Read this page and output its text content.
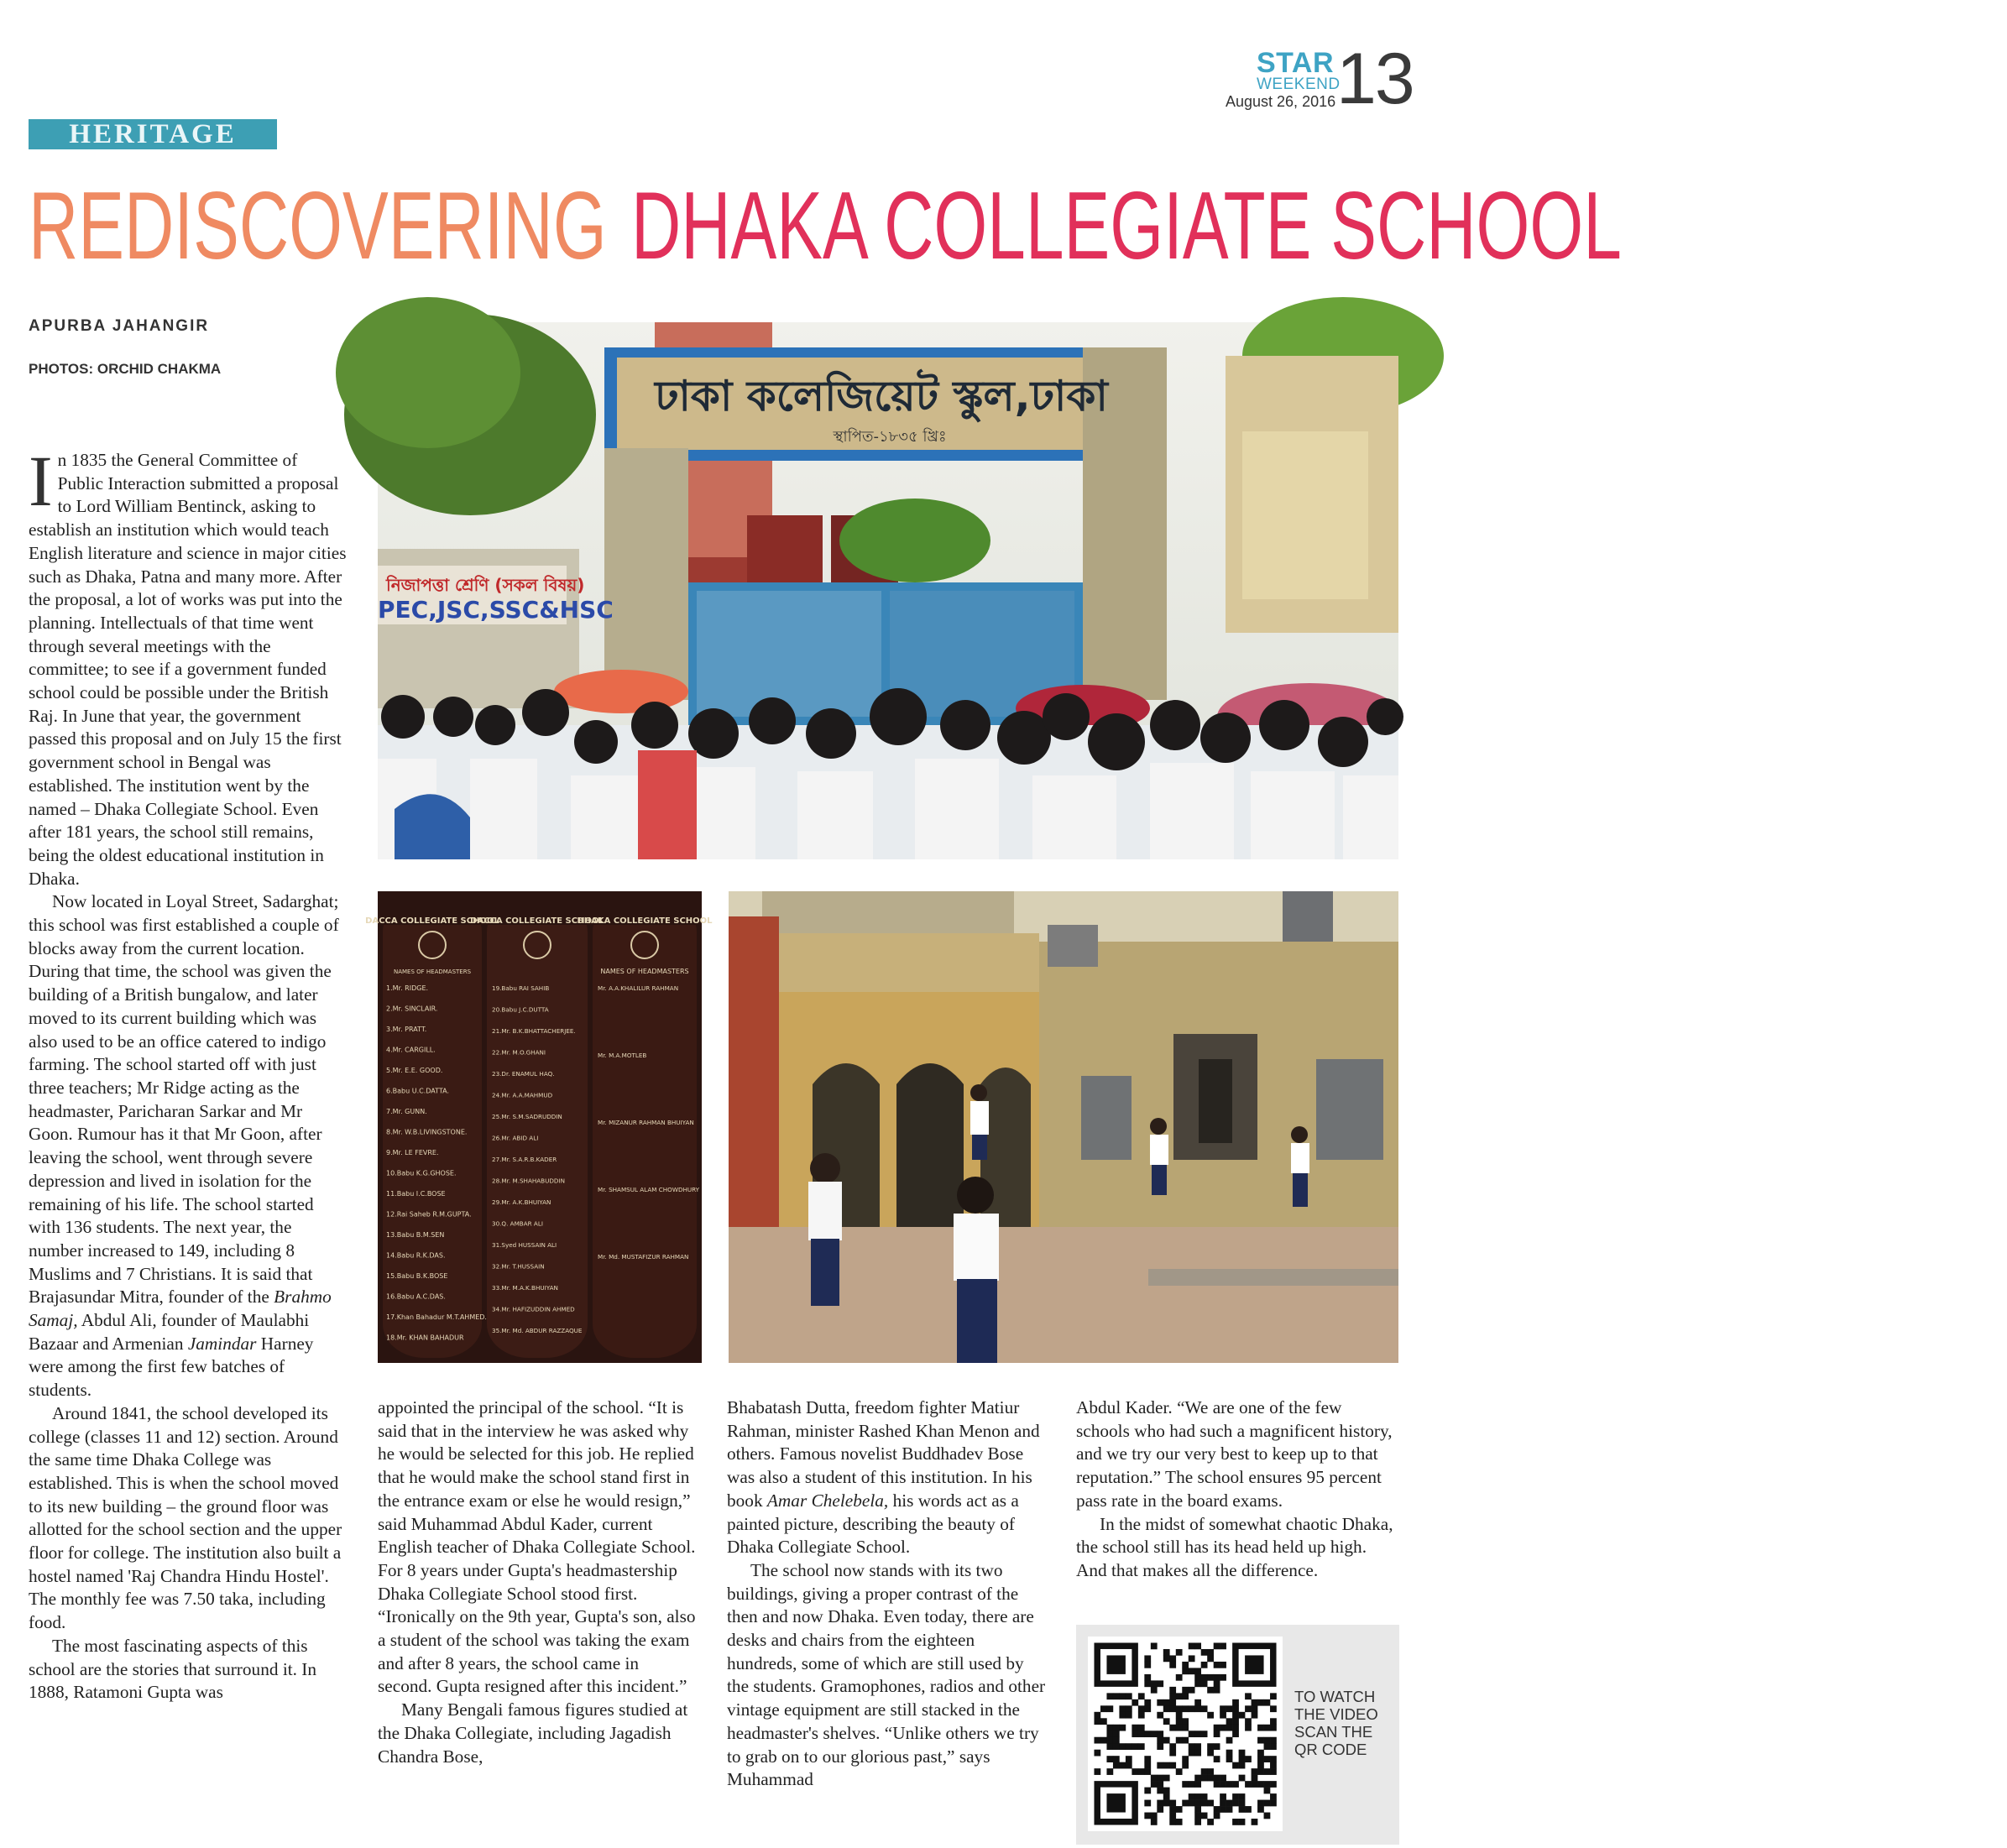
STAR
WEEKEND
August 26, 2016 13
HERITAGE
REDISCOVERING DHAKA COLLEGIATE SCHOOL
APURBA JAHANGIR
PHOTOS: ORCHID CHAKMA

In 1835 the General Committee of Public Interaction submitted a proposal to Lord William Bentinck, asking to establish an institution which would teach English literature and science in major cities such as Dhaka, Patna and many more. After the proposal, a lot of works was put into the planning. Intellectuals of that time went through several meetings with the committee; to see if a government funded school could be possible under the British Raj. In June that year, the government passed this proposal and on July 15 the first government school in Bengal was established. The institution went by the named – Dhaka Collegiate School. Even after 181 years, the school still remains, being the oldest educational institution in Dhaka.

Now located in Loyal Street, Sadarghat; this school was first established a couple of blocks away from the current location. During that time, the school was given the building of a British bungalow, and later moved to its current building which was also used to be an office catered to indigo farming. The school started off with just three teachers; Mr Ridge acting as the headmaster, Paricharan Sarkar and Mr Goon. Rumour has it that Mr Goon, after leaving the school, went through severe depression and lived in isolation for the remaining of his life. The school started with 136 students. The next year, the number increased to 149, including 8 Muslims and 7 Christians. It is said that Brajasundar Mitra, founder of the Brahmo Samaj, Abdul Ali, founder of Maulabhi Bazaar and Armenian Jamindar Harney were among the first few batches of students.

Around 1841, the school developed its college (classes 11 and 12) section. Around the same time Dhaka College was established. This is when the school moved to its new building – the ground floor was allotted for the school section and the upper floor for college. The institution also built a hostel named 'Raj Chandra Hindu Hostel'. The monthly fee was 7.50 taka, including food.

The most fascinating aspects of this school are the stories that surround it. In 1888, Ratamoni Gupta was

appointed the principal of the school. “It is said that in the interview he was asked why he would be selected for this job. He replied that he would make the school stand first in the entrance exam or else he would resign,” said Muhammad Abdul Kader, current English teacher of Dhaka Collegiate School. For 8 years under Gupta's headmastership Dhaka Collegiate School stood first. “Ironically on the 9th year, Gupta's son, also a student of the school was taking the exam and after 8 years, the school came in second. Gupta resigned after this incident.”

Many Bengali famous figures studied at the Dhaka Collegiate, including Jagadish Chandra Bose,

Bhabatash Dutta, freedom fighter Matiur Rahman, minister Rashed Khan Menon and others. Famous novelist Buddhadev Bose was also a student of this institution. In his book Amar Chelebela, his words act as a painted picture, describing the beauty of Dhaka Collegiate School.

The school now stands with its two buildings, giving a proper contrast of the then and now Dhaka. Even today, there are desks and chairs from the eighteen hundreds, some of which are still used by the students. Gramophones, radios and other vintage equipment are still stacked in the headmaster's shelves. “Unlike others we try to grab on to our glorious past,” says Muhammad

Abdul Kader. “We are one of the few schools who had such a magnificent history, and we try our very best to keep up to that reputation.” The school ensures 95 percent pass rate in the board exams.

In the midst of somewhat chaotic Dhaka, the school still has its head held up high. And that makes all the difference.

ঢাকা কলেজিয়েট স্কুল,ঢাকা
স্থাপিত-১৮৩৫ খ্রিঃ
নিজাপত্তা শ্রেণি (সকল বিষয়)
PEC,JSC,SSC&HSC
DACCA COLLEGIATE SCHOOL
DACCA COLLEGIATE SCHOOL
DHAKA COLLEGIATE SCHOOL
NAMES OF HEADMASTERS	NAMES OF HEADMASTERS
1.Mr. RIDGE.
2.Mr. SINCLAIR.
3.Mr. PRATT.
4.Mr. CARGILL.
5.Mr. E.E. GOOD.
6.Babu U.C.DATTA.
7.Mr. GUNN.
8.Mr. W.B.LIVINGSTONE.
9.Mr. LE FEVRE.
10.Babu K.G.GHOSE.
11.Babu I.C.BOSE
12.Rai Saheb R.M.GUPTA.
13.Babu B.M.SEN
14.Babu R.K.DAS.
15.Babu B.K.BOSE
16.Babu A.C.DAS.
17.Khan Bahadur M.T.AHMED.
18.Mr. KHAN BAHADUR
19.Babu RAI SAHIB
20.Babu J.C.DUTTA
21.Mr. B.K.BHATTACHERJEE.
22.Mr. M.O.GHANI
23.Dr. ENAMUL HAQ.
24.Mr. A.A.MAHMUD
25.Mr. S.M.SADRUDDIN
26.Mr. ABID ALI
27.Mr. S.A.R.B.KADER
28.Mr. M.SHAHABUDDIN
29.Mr. A.K.BHUIYAN
30.Q. AMBAR ALI
31.Syed HUSSAIN ALI
32.Mr. T.HUSSAIN
33.Mr. M.A.K.BHUIYAN
34.Mr. HAFIZUDDIN AHMED
35.Mr. Md. ABDUR RAZZAQUE
Mr. A.A.KHALILUR RAHMAN
Mr. M.A.MOTLEB
Mr. MIZANUR RAHMAN BHUIYAN
Mr. SHAMSUL ALAM CHOWDHURY
Mr. Md. MUSTAFIZUR RAHMAN
TO WATCH THE VIDEO SCAN THE QR CODE
